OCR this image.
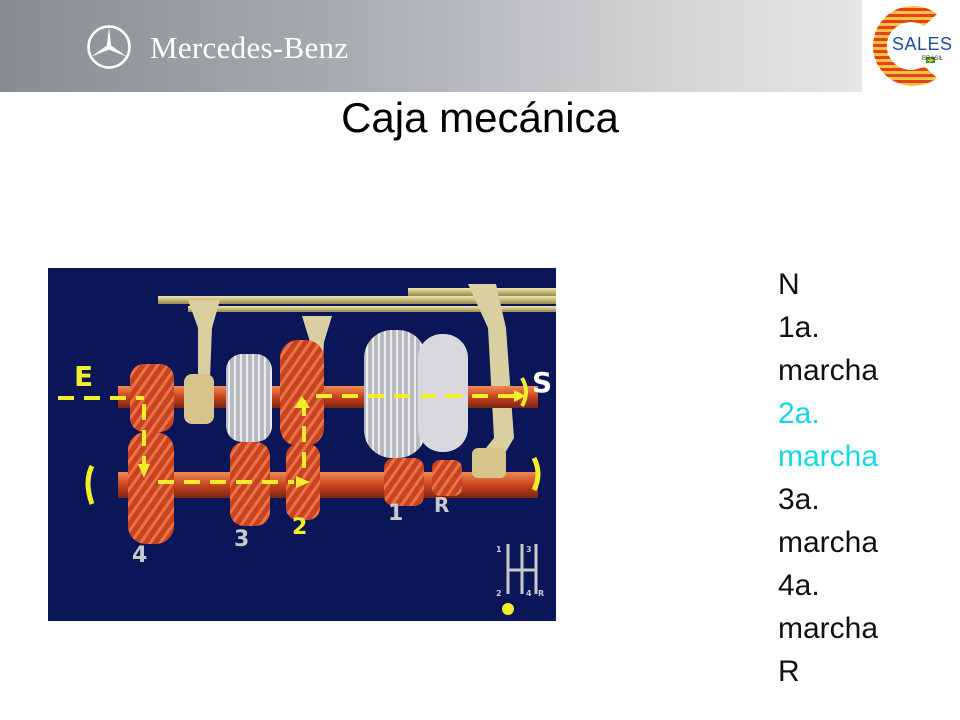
Mercedes-Benz	SALES
BRASIL
Caja mecánica
E	S
4
3 2
1 R
1	3
2	4 R
N
1a.
marcha
2a.
marcha
3a.
marcha
4a.
marcha
R
